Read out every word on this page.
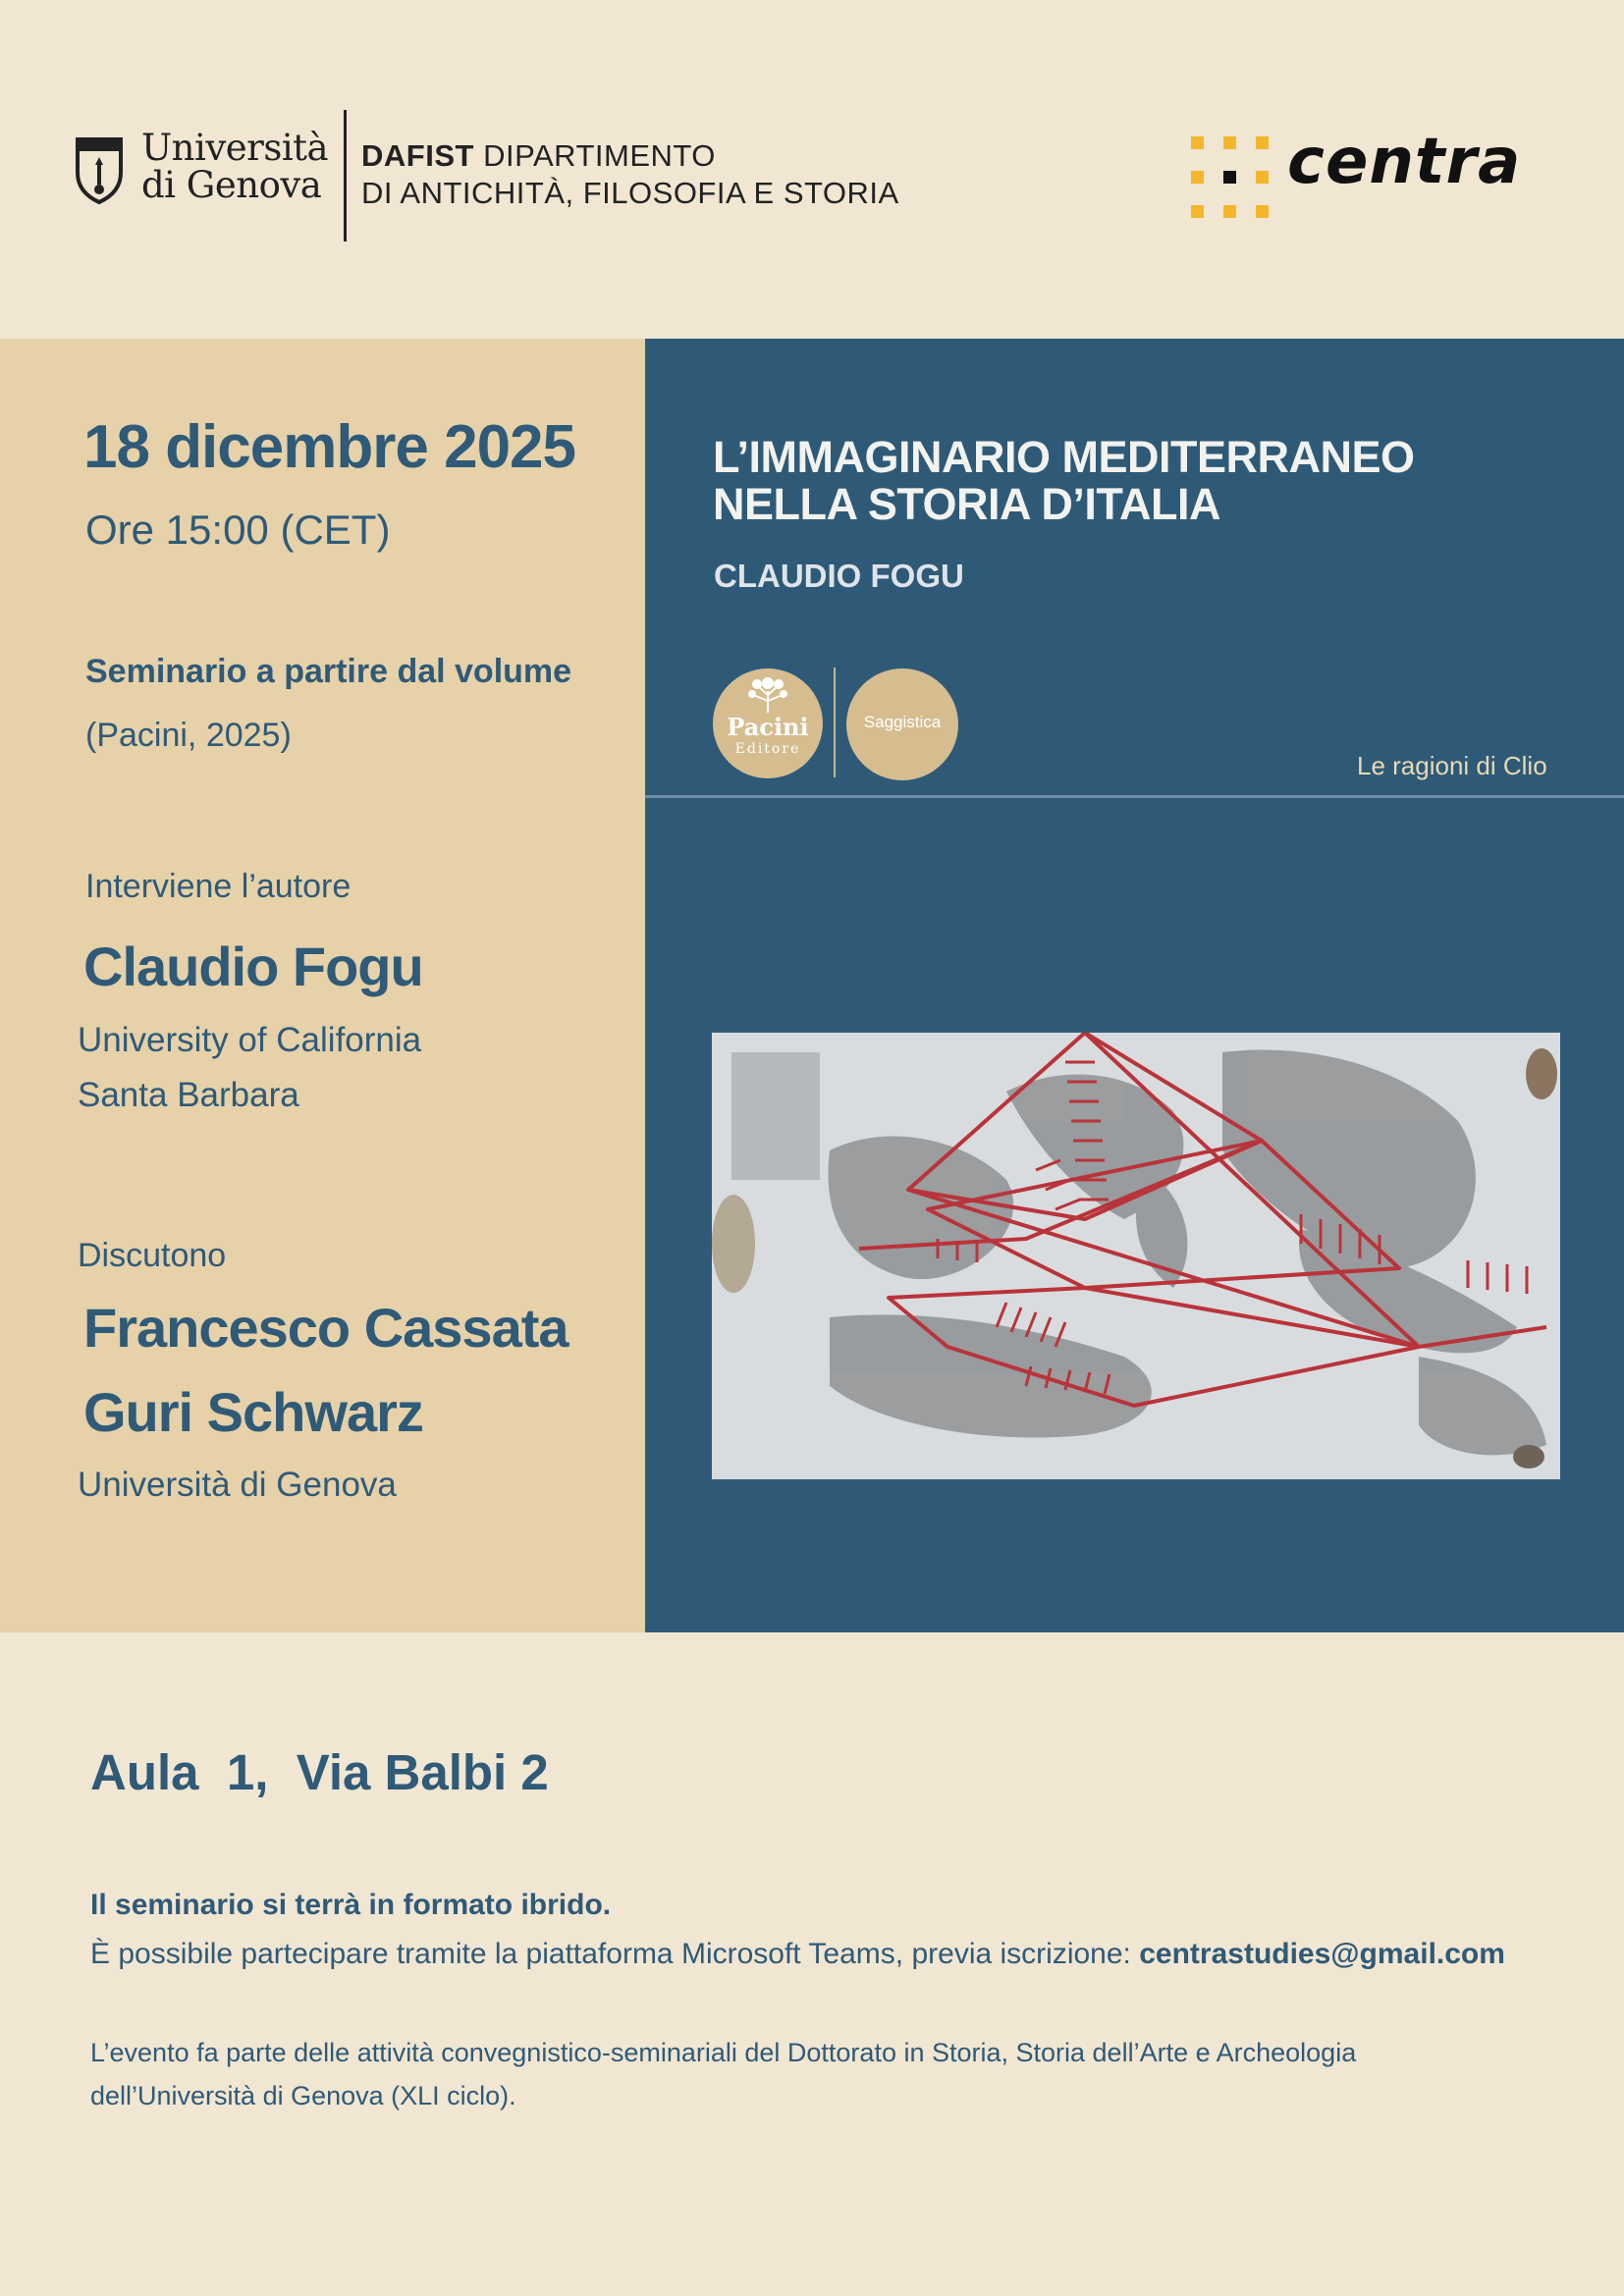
Università
di Genova
DAFIST DIPARTIMENTO
DI ANTICHITÀ, FILOSOFIA E STORIA	centra
18 dicembre 2025
Ore 15:00 (CET)
Seminario a partire dal volume
(Pacini, 2025)
Interviene l’autore
Claudio Fogu
University of California
Santa Barbara
Discutono
Francesco Cassata
Guri Schwarz
Università di Genova
L’IMMAGINARIO MEDITERRANEO
NELLA STORIA D’ITALIA
CLAUDIO FOGU
Pacini
Editore
Saggistica
Le ragioni di Clio
Aula  1,  Via Balbi 2
Il seminario si terrà in formato ibrido.
È possibile partecipare tramite la piattaforma Microsoft Teams, previa iscrizione: centrastudies@gmail.com
L’evento fa parte delle attività convegnistico-seminariali del Dottorato in Storia, Storia dell’Arte e Archeologia
dell’Università di Genova (XLI ciclo).
